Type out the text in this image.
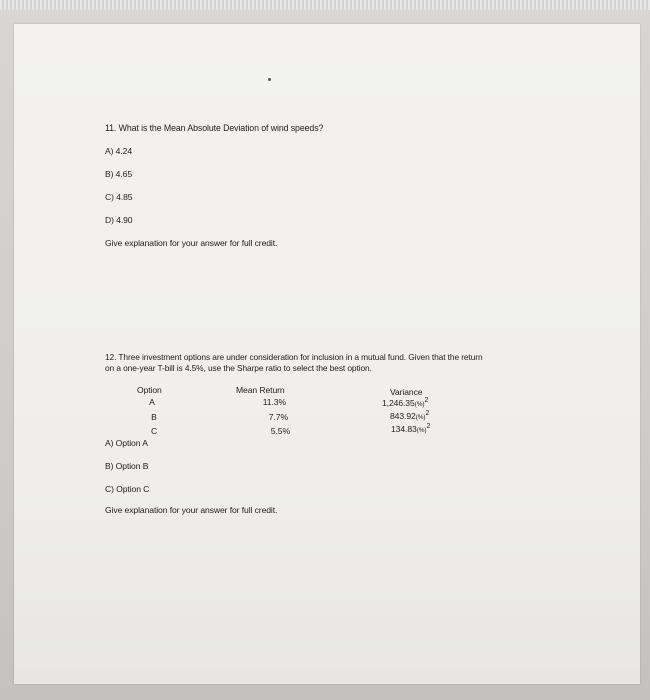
11. What is the Mean Absolute Deviation of wind speeds?
A) 4.24
B) 4.65
C) 4.85
D) 4.90
Give explanation for your answer for full credit.
12. Three investment options are under consideration for inclusion in a mutual fund. Given that the return
on a one-year T-bill is 4.5%, use the Sharpe ratio to select the best option.
Option	Mean Return	Variance
A
B
C
11.3%
7.7%
5.5%
1,246.35(%)$^2$
843.92(%)$^2$
134.83(%)$^2$
A) Option A
B) Option B
C) Option C
Give explanation for your answer for full credit.
